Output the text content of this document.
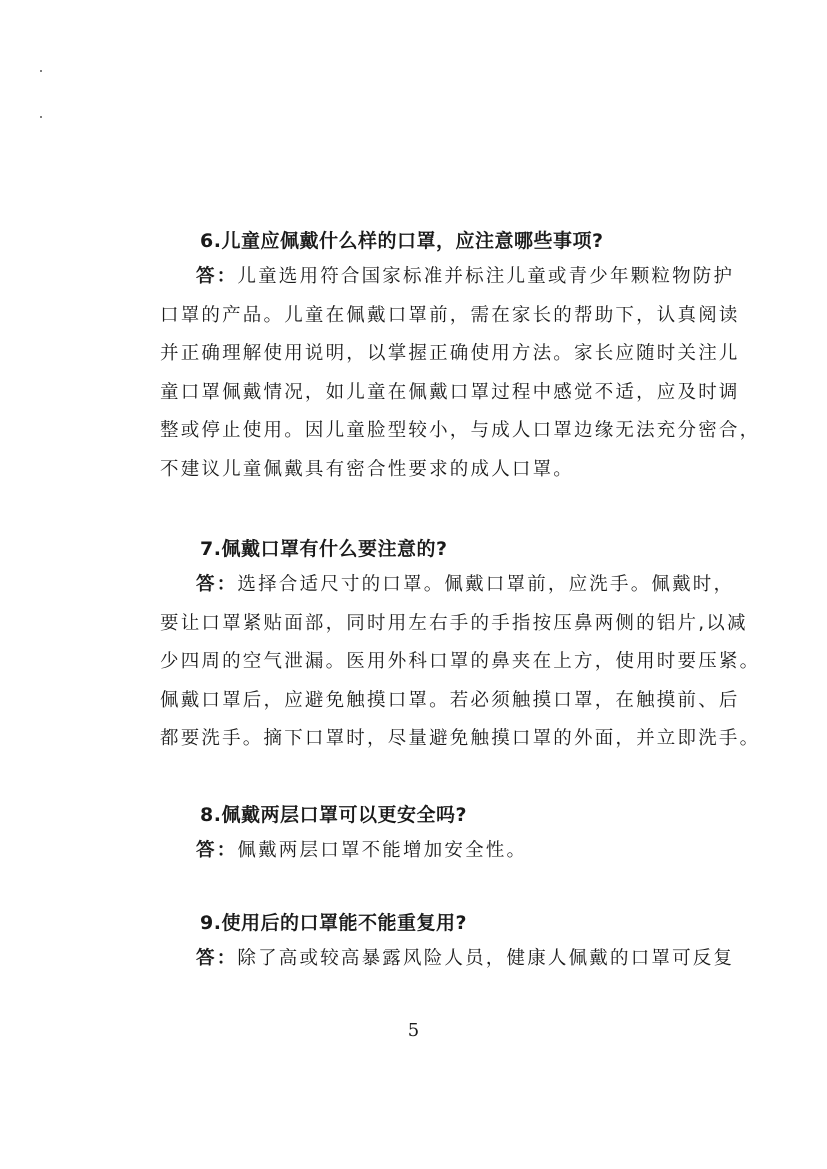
6.儿童应佩戴什么样的口罩，应注意哪些事项?

答：儿童选用符合国家标准并标注儿童或青少年颗粒物防护
口罩的产品。儿童在佩戴口罩前，需在家长的帮助下，认真阅读
并正确理解使用说明，以掌握正确使用方法。家长应随时关注儿
童口罩佩戴情况，如儿童在佩戴口罩过程中感觉不适，应及时调
整或停止使用。因儿童脸型较小，与成人口罩边缘无法充分密合，
不建议儿童佩戴具有密合性要求的成人口罩。

7.佩戴口罩有什么要注意的?

答：选择合适尺寸的口罩。佩戴口罩前，应洗手。佩戴时，
要让口罩紧贴面部，同时用左右手的手指按压鼻两侧的铝片,以减
少四周的空气泄漏。医用外科口罩的鼻夹在上方，使用时要压紧。
佩戴口罩后，应避免触摸口罩。若必须触摸口罩，在触摸前、后
都要洗手。摘下口罩时，尽量避免触摸口罩的外面，并立即洗手。

8.佩戴两层口罩可以更安全吗?

答：佩戴两层口罩不能增加安全性。

9.使用后的口罩能不能重复用?

答：除了高或较高暴露风险人员，健康人佩戴的口罩可反复
5
